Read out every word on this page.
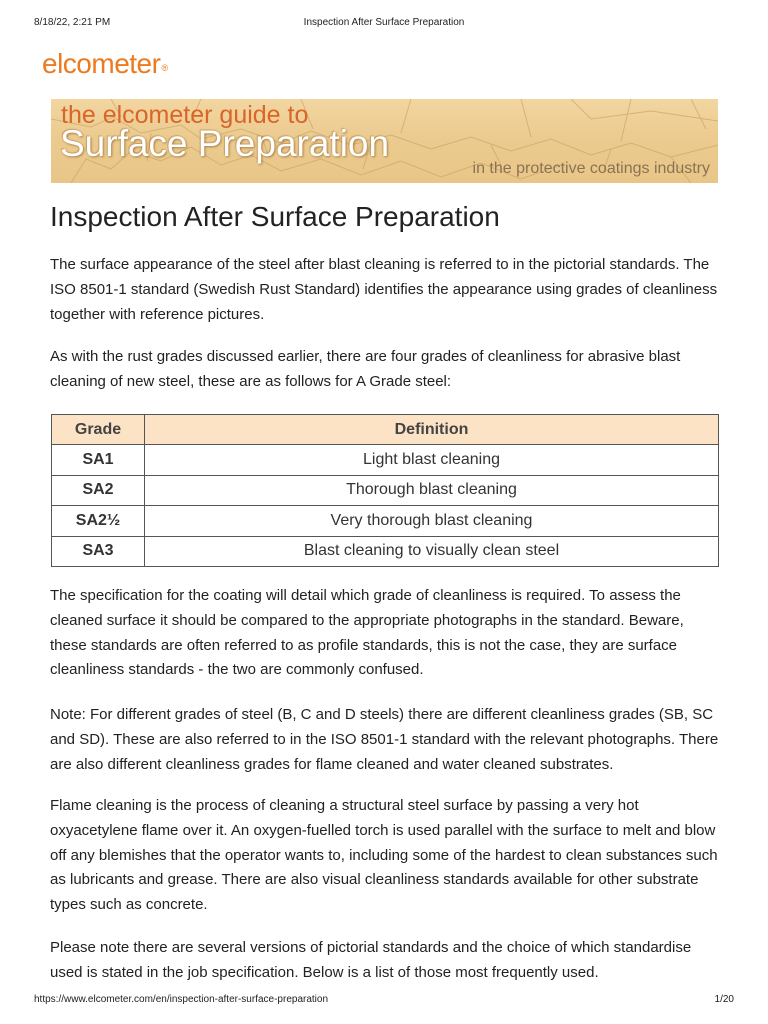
8/18/22, 2:21 PM	Inspection After Surface Preparation
elcometer®
the elcometer guide to
Surface Preparation
in the protective coatings industry
Inspection After Surface Preparation

The surface appearance of the steel after blast cleaning is referred to in the pictorial standards. The ISO 8501-1 standard (Swedish Rust Standard) identifies the appearance using grades of cleanliness together with reference pictures.

As with the rust grades discussed earlier, there are four grades of cleanliness for abrasive blast cleaning of new steel, these are as follows for A Grade steel:

Grade	Definition
SA1	Light blast cleaning
SA2	Thorough blast cleaning
SA2½	Very thorough blast cleaning
SA3	Blast cleaning to visually clean steel

The specification for the coating will detail which grade of cleanliness is required. To assess the cleaned surface it should be compared to the appropriate photographs in the standard. Beware, these standards are often referred to as profile standards, this is not the case, they are surface cleanliness standards - the two are commonly confused.

Note: For different grades of steel (B, C and D steels) there are different cleanliness grades (SB, SC and SD). These are also referred to in the ISO 8501-1 standard with the relevant photographs. There are also different cleanliness grades for flame cleaned and water cleaned substrates.

Flame cleaning is the process of cleaning a structural steel surface by passing a very hot oxyacetylene flame over it. An oxygen-fuelled torch is used parallel with the surface to melt and blow off any blemishes that the operator wants to, including some of the hardest to clean substances such as lubricants and grease. There are also visual cleanliness standards available for other substrate types such as concrete.

Please note there are several versions of pictorial standards and the choice of which standardise used is stated in the job specification. Below is a list of those most frequently used.

https://www.elcometer.com/en/inspection-after-surface-preparation	1/20
